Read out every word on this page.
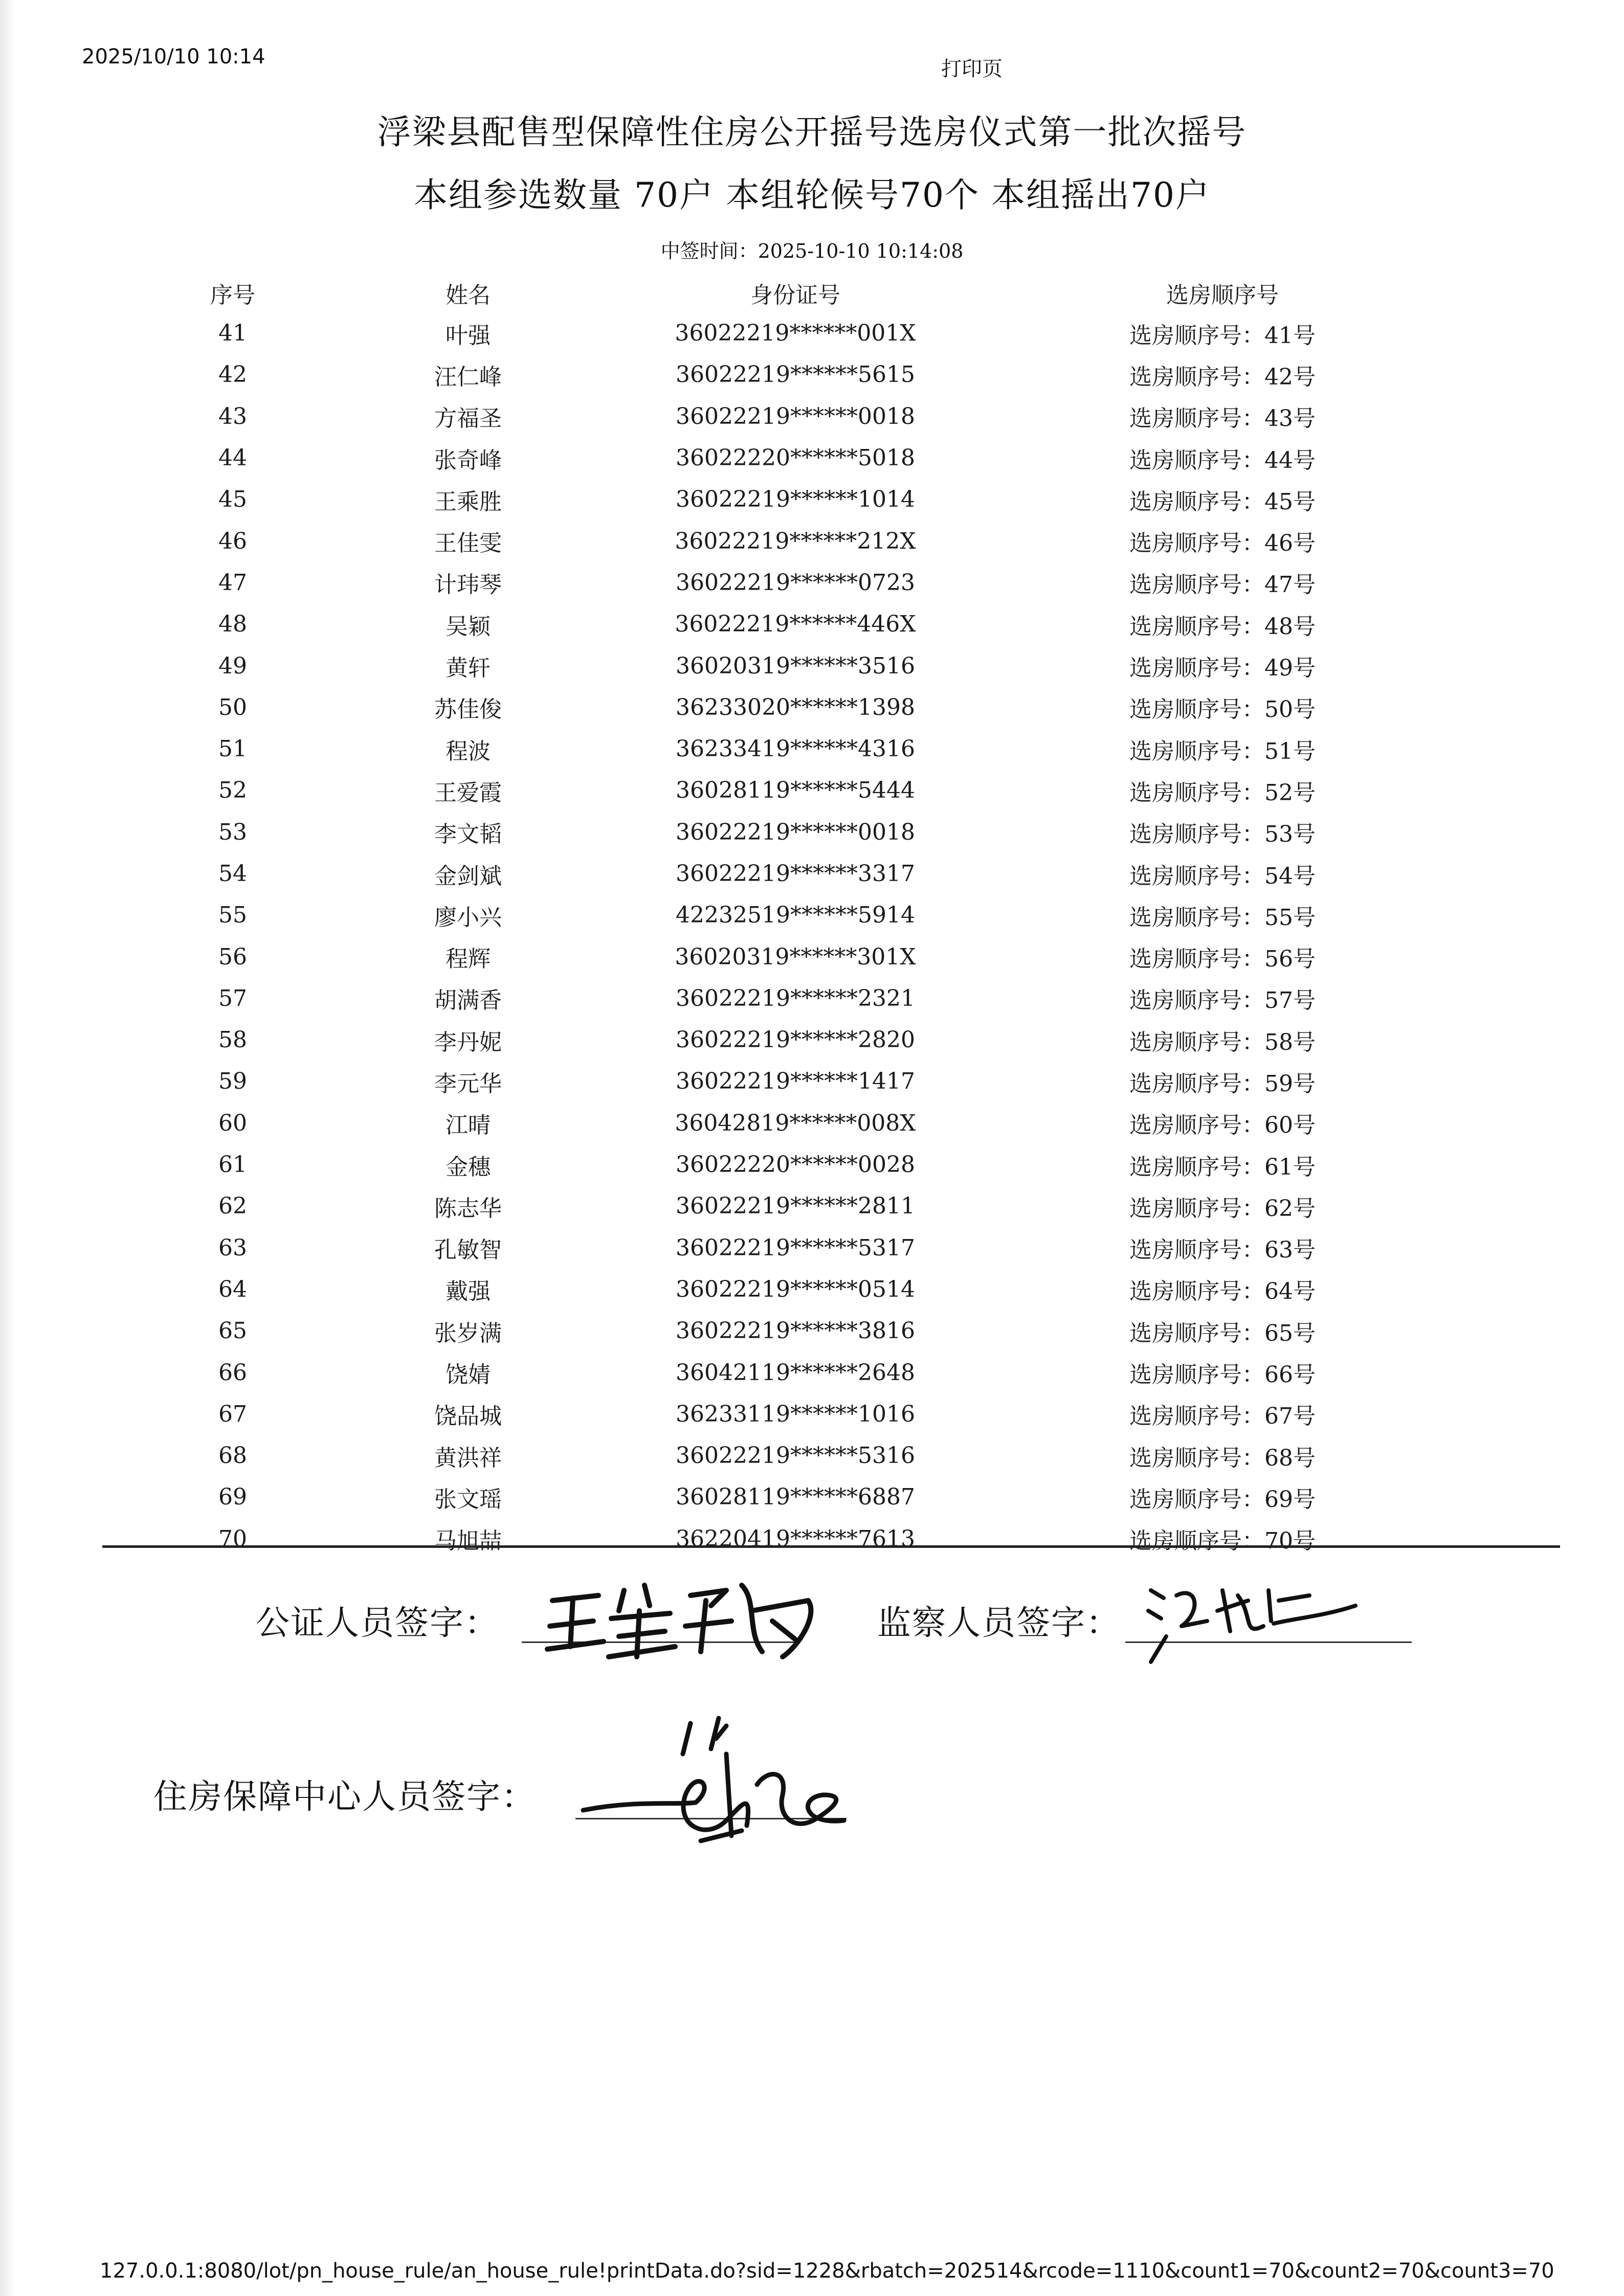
2025/10/10 10:14
打印页
浮梁县配售型保障性住房公开摇号选房仪式第一批次摇号
本组参选数量 70户 本组轮候号70个 本组摇出70户
中签时间：2025-10-10 10:14:08
序号	姓名	身份证号	选房顺序号
41	叶强	36022219******001X	选房顺序号：41号
42	汪仁峰	36022219******5615	选房顺序号：42号
43	方福圣	36022219******0018	选房顺序号：43号
44	张奇峰	36022220******5018	选房顺序号：44号
45	王乘胜	36022219******1014	选房顺序号：45号
46	王佳雯	36022219******212X	选房顺序号：46号
47	计玮琴	36022219******0723	选房顺序号：47号
48	吴颖	36022219******446X	选房顺序号：48号
49	黄轩	36020319******3516	选房顺序号：49号
50	苏佳俊	36233020******1398	选房顺序号：50号
51	程波	36233419******4316	选房顺序号：51号
52	王爱霞	36028119******5444	选房顺序号：52号
53	李文韬	36022219******0018	选房顺序号：53号
54	金剑斌	36022219******3317	选房顺序号：54号
55	廖小兴	42232519******5914	选房顺序号：55号
56	程辉	36020319******301X	选房顺序号：56号
57	胡满香	36022219******2321	选房顺序号：57号
58	李丹妮	36022219******2820	选房顺序号：58号
59	李元华	36022219******1417	选房顺序号：59号
60	江晴	36042819******008X	选房顺序号：60号
61	金穗	36022220******0028	选房顺序号：61号
62	陈志华	36022219******2811	选房顺序号：62号
63	孔敏智	36022219******5317	选房顺序号：63号
64	戴强	36022219******0514	选房顺序号：64号
65	张岁满	36022219******3816	选房顺序号：65号
66	饶婧	36042119******2648	选房顺序号：66号
67	饶品城	36233119******1016	选房顺序号：67号
68	黄洪祥	36022219******5316	选房顺序号：68号
69	张文瑶	36028119******6887	选房顺序号：69号
70	马旭喆	36220419******7613	选房顺序号：70号
公证人员签字：	监察人员签字：
住房保障中心人员签字：
127.0.0.1:8080/lot/pn_house_rule/an_house_rule!printData.do?sid=1228&rbatch=202514&rcode=1110&count1=70&count2=70&count3=70
